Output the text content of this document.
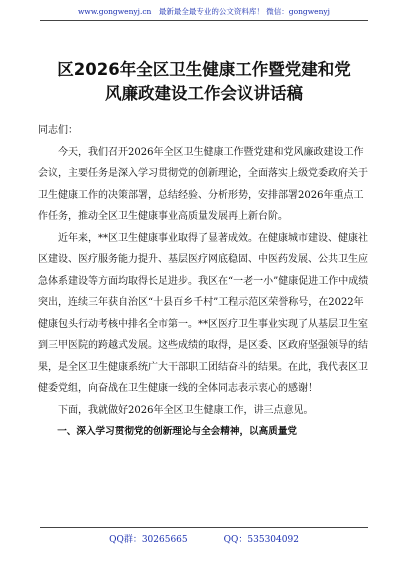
www.gongwenyj.cn　最新最全最专业的公文资料库！ 微信：gongwenyj
区2026年全区卫生健康工作暨党建和党
风廉政建设工作会议讲话稿

同志们：

今天，我们召开2026年全区卫生健康工作暨党建和党风廉政建设工作会议，主要任务是深入学习贯彻党的创新理论，全面落实上级党委政府关于卫生健康工作的决策部署，总结经验、分析形势，安排部署2026年重点工作任务，推动全区卫生健康事业高质量发展再上新台阶。

近年来，**区卫生健康事业取得了显著成效。在健康城市建设、健康社区建设、医疗服务能力提升、基层医疗网底稳固、中医药发展、公共卫生应急体系建设等方面均取得长足进步。我区在“一老一小”健康促进工作中成绩突出，连续三年获自治区“十县百乡千村”工程示范区荣誉称号，在2022年健康包头行动考核中排名全市第一。**区医疗卫生事业实现了从基层卫生室到三甲医院的跨越式发展。这些成绩的取得，是区委、区政府坚强领导的结果，是全区卫生健康系统广大干部职工团结奋斗的结果。在此，我代表区卫健委党组，向奋战在卫生健康一线的全体同志表示衷心的感谢！

下面，我就做好2026年全区卫生健康工作，讲三点意见。

一、深入学习贯彻党的创新理论与全会精神，以高质量党

QQ群：30265665　　　　QQ：535304092
